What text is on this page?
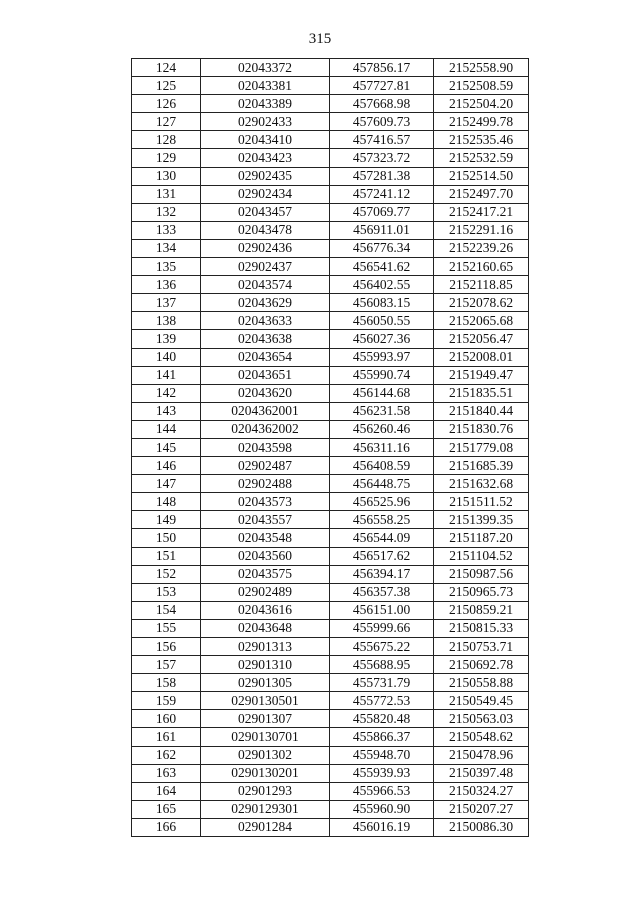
315
124	02043372	457856.17	2152558.90
125	02043381	457727.81	2152508.59
126	02043389	457668.98	2152504.20
127	02902433	457609.73	2152499.78
128	02043410	457416.57	2152535.46
129	02043423	457323.72	2152532.59
130	02902435	457281.38	2152514.50
131	02902434	457241.12	2152497.70
132	02043457	457069.77	2152417.21
133	02043478	456911.01	2152291.16
134	02902436	456776.34	2152239.26
135	02902437	456541.62	2152160.65
136	02043574	456402.55	2152118.85
137	02043629	456083.15	2152078.62
138	02043633	456050.55	2152065.68
139	02043638	456027.36	2152056.47
140	02043654	455993.97	2152008.01
141	02043651	455990.74	2151949.47
142	02043620	456144.68	2151835.51
143	0204362001	456231.58	2151840.44
144	0204362002	456260.46	2151830.76
145	02043598	456311.16	2151779.08
146	02902487	456408.59	2151685.39
147	02902488	456448.75	2151632.68
148	02043573	456525.96	2151511.52
149	02043557	456558.25	2151399.35
150	02043548	456544.09	2151187.20
151	02043560	456517.62	2151104.52
152	02043575	456394.17	2150987.56
153	02902489	456357.38	2150965.73
154	02043616	456151.00	2150859.21
155	02043648	455999.66	2150815.33
156	02901313	455675.22	2150753.71
157	02901310	455688.95	2150692.78
158	02901305	455731.79	2150558.88
159	0290130501	455772.53	2150549.45
160	02901307	455820.48	2150563.03
161	0290130701	455866.37	2150548.62
162	02901302	455948.70	2150478.96
163	0290130201	455939.93	2150397.48
164	02901293	455966.53	2150324.27
165	0290129301	455960.90	2150207.27
166	02901284	456016.19	2150086.30
